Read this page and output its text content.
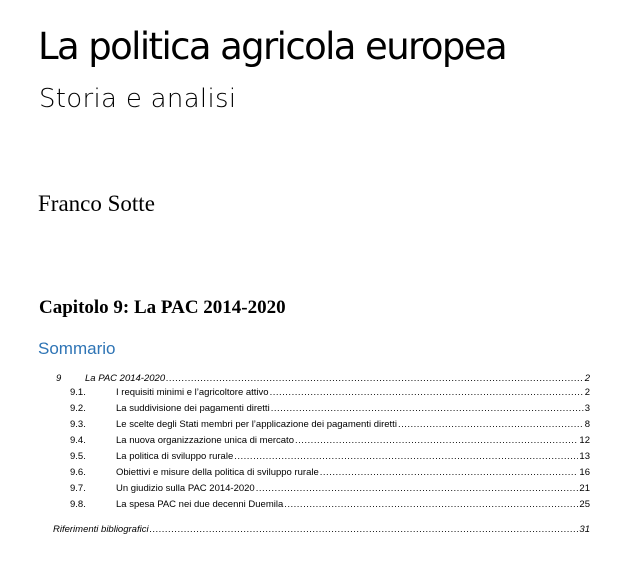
La politica agricola europea
Storia e analisi
Franco Sotte
Capitolo 9: La PAC 2014-2020
Sommario
9	La PAC 2014-2020 .....	2
9.1.	I requisiti minimi e l’agricoltore attivo .....	2
9.2.	La suddivisione dei pagamenti diretti .....	3
9.3.	Le scelte degli Stati membri per l’applicazione dei pagamenti diretti .....	8
9.4.	La nuova organizzazione unica di mercato .....	12
9.5.	La politica di sviluppo rurale .....	13
9.6.	Obiettivi e misure della politica di sviluppo rurale .....	16
9.7.	Un giudizio sulla PAC 2014-2020 .....	21
9.8.	La spesa PAC nei due decenni Duemila .....	25
Riferimenti bibliografici .....	31
